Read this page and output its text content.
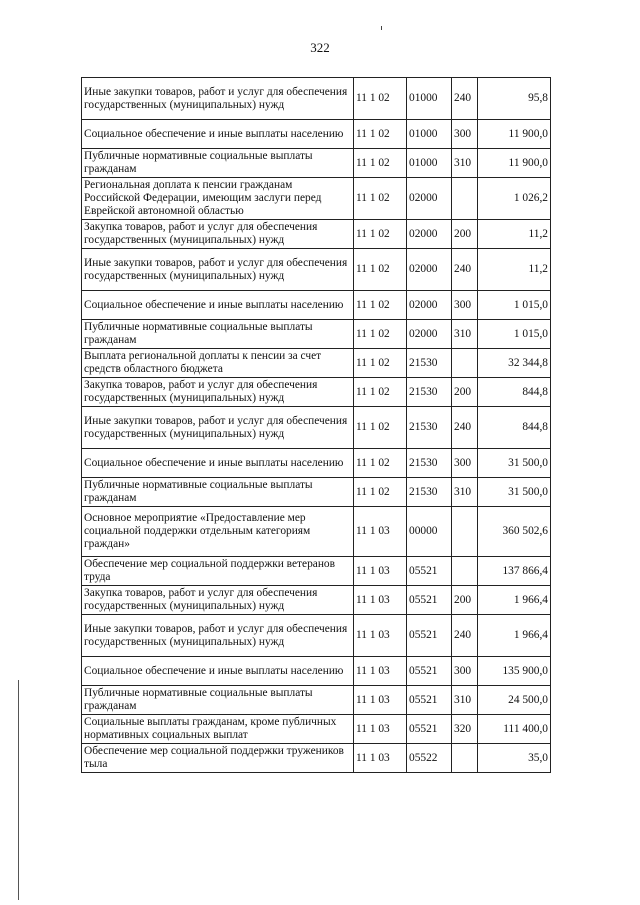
322
Иные закупки товаров, работ и услуг для обеспечения государственных (муниципальных) нужд	11 1 02	01000	240	95,8
Социальное обеспечение и иные выплаты населению	11 1 02	01000	300	11 900,0
Публичные нормативные социальные выплаты гражданам	11 1 02	01000	310	11 900,0
Региональная доплата к пенсии гражданам Российской Федерации, имеющим заслуги перед Еврейской автономной областью	11 1 02	02000		1 026,2
Закупка товаров, работ и услуг для обеспечения государственных (муниципальных) нужд	11 1 02	02000	200	11,2
Иные закупки товаров, работ и услуг для обеспечения государственных (муниципальных) нужд	11 1 02	02000	240	11,2
Социальное обеспечение и иные выплаты населению	11 1 02	02000	300	1 015,0
Публичные нормативные социальные выплаты гражданам	11 1 02	02000	310	1 015,0
Выплата региональной доплаты к пенсии за счет средств областного бюджета	11 1 02	21530		32 344,8
Закупка товаров, работ и услуг для обеспечения государственных (муниципальных) нужд	11 1 02	21530	200	844,8
Иные закупки товаров, работ и услуг для обеспечения государственных (муниципальных) нужд	11 1 02	21530	240	844,8
Социальное обеспечение и иные выплаты населению	11 1 02	21530	300	31 500,0
Публичные нормативные социальные выплаты гражданам	11 1 02	21530	310	31 500,0
Основное мероприятие «Предоставление мер социальной поддержки отдельным категориям граждан»	11 1 03	00000		360 502,6
Обеспечение мер социальной поддержки ветеранов труда	11 1 03	05521		137 866,4
Закупка товаров, работ и услуг для обеспечения государственных (муниципальных) нужд	11 1 03	05521	200	1 966,4
Иные закупки товаров, работ и услуг для обеспечения государственных (муниципальных) нужд	11 1 03	05521	240	1 966,4
Социальное обеспечение и иные выплаты населению	11 1 03	05521	300	135 900,0
Публичные нормативные социальные выплаты гражданам	11 1 03	05521	310	24 500,0
Социальные выплаты гражданам, кроме публичных нормативных социальных выплат	11 1 03	05521	320	111 400,0
Обеспечение мер социальной поддержки тружеников тыла	11 1 03	05522		35,0
